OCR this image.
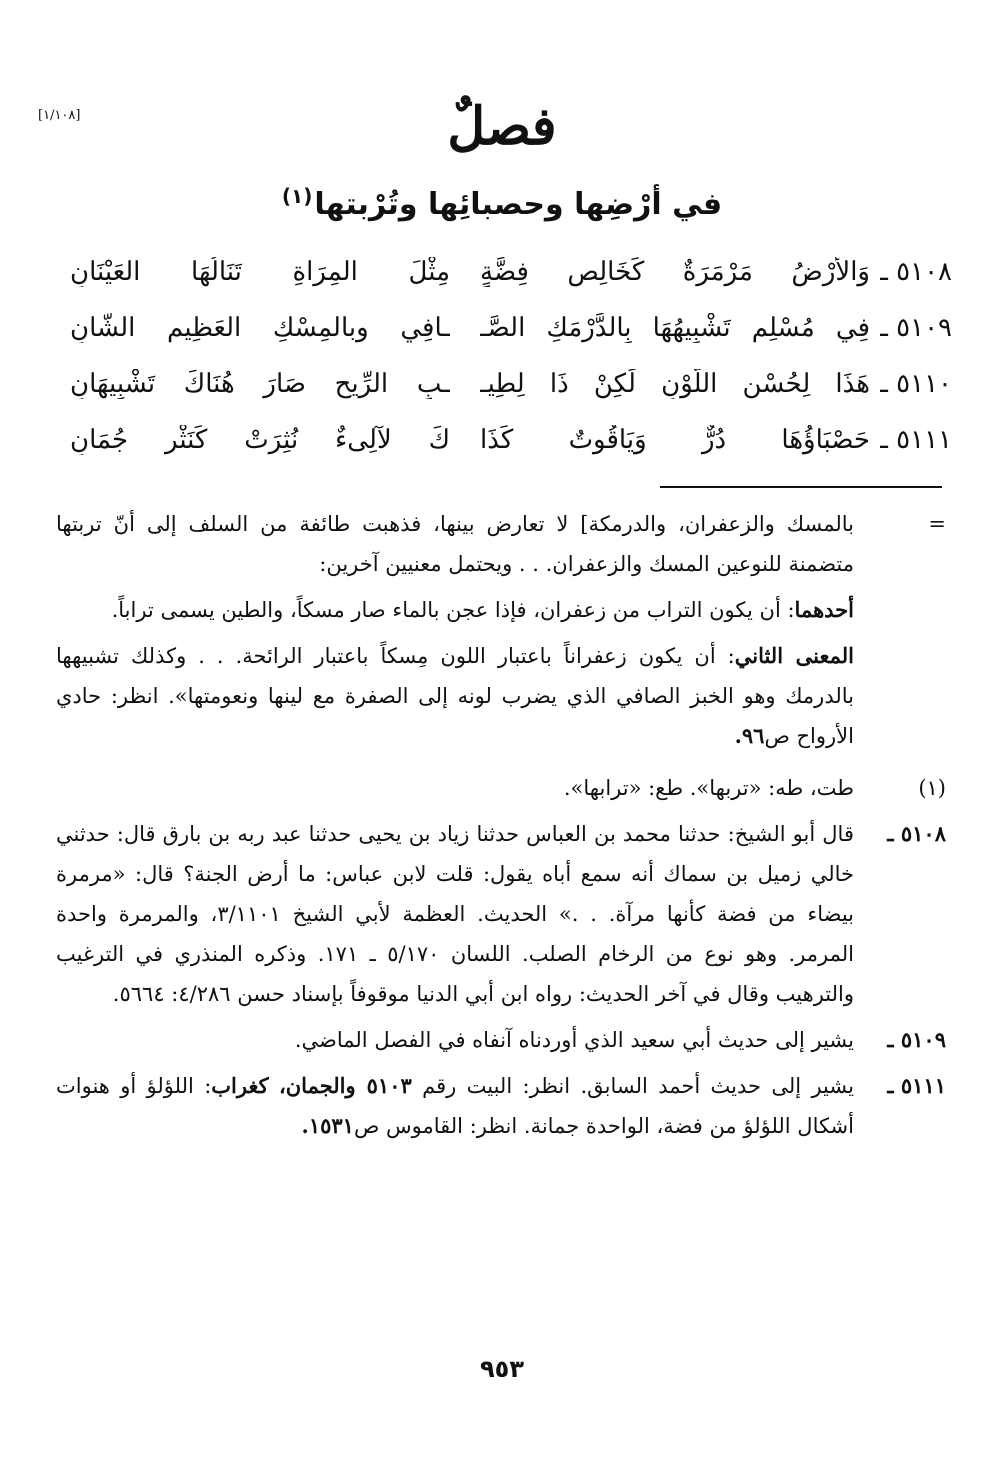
[١/١٠٨]	فصلٌ
في أرْضِها وحصبائِها وتُرْبتها$^{(١)}$
٥١٠٨ ـ
وَالأَرْضُ مَرْمَرَةٌ كَخَالِصِ فِضَّةٍ
مِثْلَ المِرَاةِ تَنَالُهَا العَيْنَانِ
٥١٠٩ ـ
فِي مُسْلِمٍ تَشْبِيهُهَا بِالدَّرْمَكِ الصَّـ
ـافِي وبالمِسْكِ العَظِيمِ الشَّانِ
٥١١٠ ـ
هَذَا لِحُسْنِ اللَّوْنِ لَكِنْ ذَا لِطِيـ
ـبِ الرِّيحِ صَارَ هُنَاكَ تَشْبِيهَانِ
٥١١١ ـ
حَصْبَاؤُهَا دُرٌّ وَيَاقُوتٌ كَذَا
كَ لآلِىءٌ نُثِرَتْ كَنَثْرِ جُمَانِ
=

بالمسك والزعفران، والدرمكة] لا تعارض بينها، فذهبت طائفة من السلف إلى أنّ تربتها متضمنة للنوعين المسك والزعفران. . . ويحتمل معنيين آخرين:

أحدهما: أن يكون التراب من زعفران، فإذا عجن بالماء صار مسكاً، والطين يسمى تراباً.

المعنى الثاني: أن يكون زعفراناً باعتبار اللون مِسكاً باعتبار الرائحة. . . وكذلك تشبيهها بالدرمك وهو الخبز الصافي الذي يضرب لونه إلى الصفرة مع لينها ونعومتها». انظر: حادي الأرواح ص٩٦.

(١)
طت، طه: «تربها». طع: «ترابها».
٥١٠٨ ـ
قال أبو الشيخ: حدثنا محمد بن العباس حدثنا زياد بن يحيى حدثنا عبد ربه بن بارق قال: حدثني خالي زميل بن سماك أنه سمع أباه يقول: قلت لابن عباس: ما أرض الجنة؟ قال: «مرمرة بيضاء من فضة كأنها مرآة. . .» الحديث. العظمة لأبي الشيخ ٣/١١٠١، والمرمرة واحدة المرمر. وهو نوع من الرخام الصلب. اللسان ٥/١٧٠ ـ ١٧١. وذكره المنذري في الترغيب والترهيب وقال في آخر الحديث: رواه ابن أبي الدنيا موقوفاً بإسناد حسن ٤/٢٨٦: ٥٦٦٤.
٥١٠٩ ـ
يشير إلى حديث أبي سعيد الذي أوردناه آنفاه في الفصل الماضي.
٥١١١ ـ
يشير إلى حديث أحمد السابق. انظر: البيت رقم ٥١٠٣ والجمان، كغراب: اللؤلؤ أو هنوات أشكال اللؤلؤ من فضة، الواحدة جمانة. انظر: القاموس ص١٥٣١.
٩٥٣
